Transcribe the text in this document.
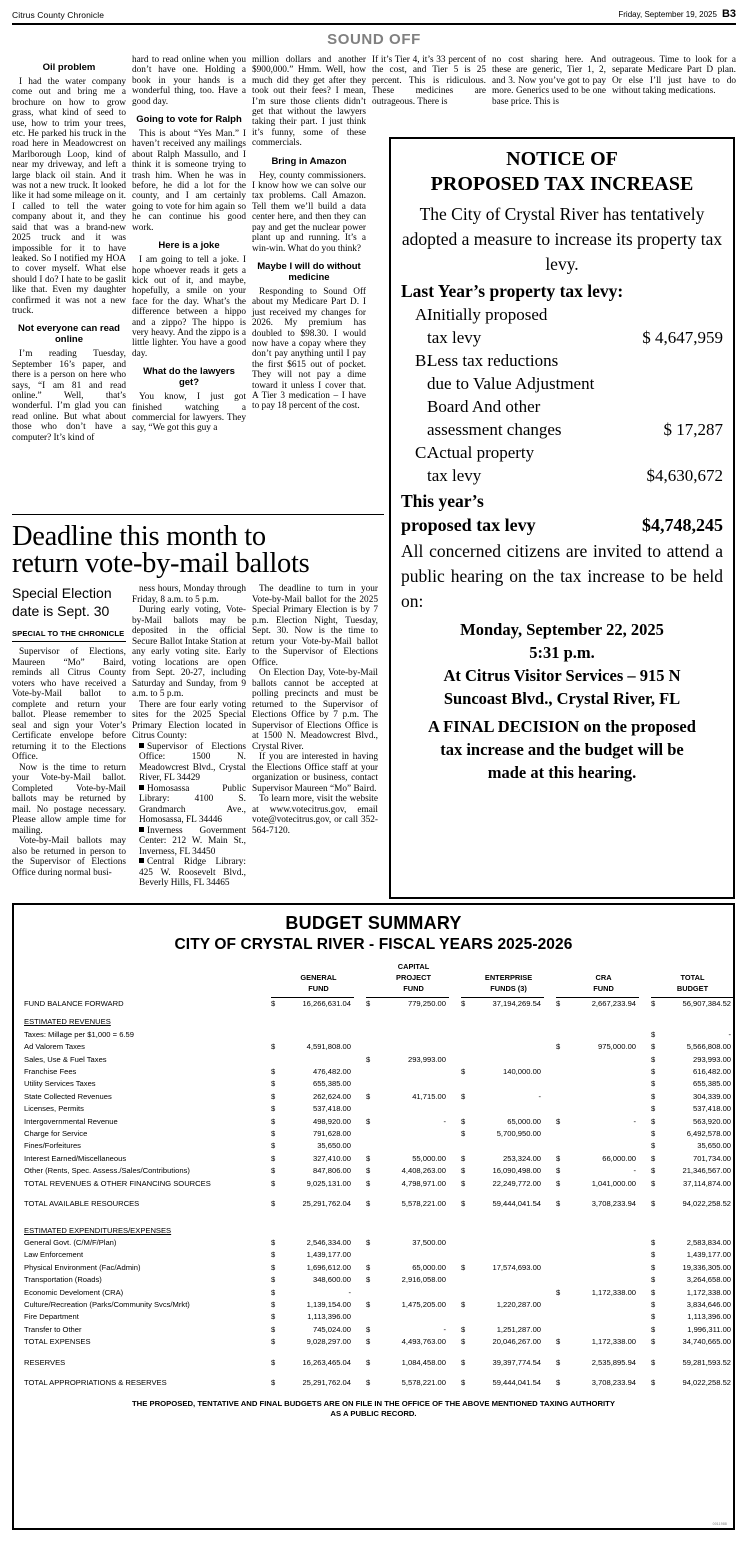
Citrus County Chronicle	Friday, September 19, 2025 B3
SOUND OFF
Oil problem
I had the water company come out and bring me a brochure on how to grow grass, what kind of seed to use, how to trim your trees, etc. He parked his truck in the road here in Meadowcrest on Marlborough Loop, kind of near my driveway, and left a large black oil stain. And it was not a new truck. It looked like it had some mileage on it. I called to tell the water company about it, and they said that was a brand-new 2025 truck and it was impossible for it to have leaked. So I notified my HOA to cover myself. What else should I do? I hate to be gaslit like that. Even my daughter confirmed it was not a new truck.
Not everyone can read online
I’m reading Tuesday, September 16’s paper, and there is a person on here who says, “I am 81 and read online.” Well, that’s wonderful. I’m glad you can read online. But what about those who don’t have a computer? It’s kind of
hard to read online when you don’t have one. Holding a book in your hands is a wonderful thing, too. Have a good day.
Going to vote for Ralph
This is about “Yes Man.” I haven’t received any mailings about Ralph Massullo, and I think it is someone trying to trash him. When he was in before, he did a lot for the county, and I am certainly going to vote for him again so he can continue his good work.
Here is a joke
I am going to tell a joke. I hope whoever reads it gets a kick out of it, and maybe, hopefully, a smile on your face for the day. What’s the difference between a hippo and a zippo? The hippo is very heavy. And the zippo is a little lighter. You have a good day.
What do the lawyers get?
You know, I just got finished watching a commercial for lawyers. They say, “We got this guy a
million dollars and another $900,000.” Hmm. Well, how much did they get after they took out their fees? I mean, I’m sure those clients didn’t get that without the lawyers taking their part. I just think it’s funny, some of these commercials.
Bring in Amazon
Hey, county commissioners. I know how we can solve our tax problems. Call Amazon. Tell them we’ll build a data center here, and then they can pay and get the nuclear power plant up and running. It’s a win-win. What do you think?
Maybe I will do without medicine
Responding to Sound Off about my Medicare Part D. I just received my changes for 2026. My premium has doubled to $98.30. I would now have a copay where they don’t pay anything until I pay the first $615 out of pocket. They will not pay a dime toward it unless I cover that. A Tier 3 medication – I have to pay 18 percent of the cost.
If it’s Tier 4, it’s 33 percent of the cost, and Tier 5 is 25 percent. This is ridiculous. These medicines are outrageous. There is
no cost sharing here. And these are generic, Tier 1, 2, and 3. Now you’ve got to pay more. Generics used to be one base price. This is
outrageous. Time to look for a separate Medicare Part D plan. Or else I’ll just have to do without taking medications.
NOTICE OF
PROPOSED TAX INCREASE
The City of Crystal River has tentatively adopted a measure to increase its property tax levy.
Last Year’s property tax levy:
A.
Initially proposed
tax levy	$ 4,647,959
B.
Less tax reductions
due to Value Adjustment
Board And other
assessment changes	$ 17,287
C.
Actual property
tax levy	$4,630,672
This year’s
proposed tax levy	$4,748,245
All concerned citizens are invited to attend a public hearing on the tax increase to be held on:
Monday, September 22, 2025
5:31 p.m.
At Citrus Visitor Services – 915 N
Suncoast Blvd., Crystal River, FL
A FINAL DECISION on the proposed
tax increase and the budget will be
made at this hearing.
Deadline this month to
return vote-by-mail ballots
Special Election
date is Sept. 30
SPECIAL TO THE CHRONICLE
Supervisor of Elections, Maureen “Mo” Baird, reminds all Citrus County voters who have received a Vote-by-Mail ballot to complete and return your ballot. Please remember to seal and sign your Voter’s Certificate envelope before returning it to the Elections Office.
Now is the time to return your Vote-by-Mail ballot. Completed Vote-by-Mail ballots may be returned by mail. No postage necessary. Please allow ample time for mailing.
Vote-by-Mail ballots may also be returned in person to the Supervisor of Elections Office during normal busi-
ness hours, Monday through Friday, 8 a.m. to 5 p.m.
During early voting, Vote-by-Mail ballots may be deposited in the official Secure Ballot Intake Station at any early voting site. Early voting locations are open from Sept. 20-27, including Saturday and Sunday, from 9 a.m. to 5 p.m.
There are four early voting sites for the 2025 Special Primary Election located in Citrus County:
Supervisor of Elections Office: 1500 N. Meadowcrest Blvd., Crystal River, FL 34429
Homosassa Public Library: 4100 S. Grandmarch Ave., Homosassa, FL 34446
Inverness Government Center: 212 W. Main St., Inverness, FL 34450
Central Ridge Library: 425 W. Roosevelt Blvd., Beverly Hills, FL 34465
The deadline to turn in your Vote-by-Mail ballot for the 2025 Special Primary Election is by 7 p.m. Election Night, Tuesday, Sept. 30. Now is the time to return your Vote-by-Mail ballot to the Supervisor of Elections Office.
On Election Day, Vote-by-Mail ballots cannot be accepted at polling precincts and must be returned to the Supervisor of Elections Office by 7 p.m. The Supervisor of Elections Office is at 1500 N. Meadowcrest Blvd., Crystal River.
If you are interested in having the Elections Office staff at your organization or business, contact Supervisor Maureen “Mo” Baird.
To learn more, visit the website at www.votecitrus.gov, email vote@votecitrus.gov, or call 352-564-7120.
BUDGET SUMMARY
CITY OF CRYSTAL RIVER - FISCAL YEARS 2025-2026
				CAPITAL										
	GENERAL			PROJECT			ENTERPRISE			CRA			TOTAL	
	FUND			FUND			FUNDS (3)			FUND			BUDGET	

FUND BALANCE FORWARD	$	16,266,631.04		$	779,250.00		$	37,194,269.54		$	2,667,233.94		$	56,907,384.52
ESTIMATED REVENUES														
Taxes: Millage per $1,000 = 6.59													$	-
Ad Valorem Taxes	$	4,591,808.00								$	975,000.00		$	5,566,808.00
Sales, Use & Fuel Taxes				$	293,993.00								$	293,993.00
Franchise Fees	$	476,482.00					$	140,000.00					$	616,482.00
Utility Services Taxes	$	655,385.00											$	655,385.00
State Collected Revenues	$	262,624.00		$	41,715.00		$	-					$	304,339.00
Licenses, Permits	$	537,418.00											$	537,418.00
Intergovernmental Revenue	$	498,920.00		$	-		$	65,000.00		$	-		$	563,920.00
Charge for Service	$	791,628.00					$	5,700,950.00					$	6,492,578.00
Fines/Forfeitures	$	35,650.00											$	35,650.00
Interest Earned/Miscellaneous	$	327,410.00		$	55,000.00		$	253,324.00		$	66,000.00		$	701,734.00
Other (Rents, Spec. Assess./Sales/Contributions)	$	847,806.00		$	4,408,263.00		$	16,090,498.00		$	-		$	21,346,567.00
TOTAL REVENUES & OTHER FINANCING SOURCES	$	9,025,131.00		$	4,798,971.00		$	22,249,772.00		$	1,041,000.00		$	37,114,874.00

TOTAL AVAILABLE RESOURCES	$	25,291,762.04		$	5,578,221.00		$	59,444,041.54		$	3,708,233.94		$	94,022,258.52

ESTIMATED EXPENDITURES/EXPENSES														
General Govt. (C/M/F/Plan)	$	2,546,334.00		$	37,500.00								$	2,583,834.00
Law Enforcement	$	1,439,177.00											$	1,439,177.00
Physical Environment (Fac/Admin)	$	1,696,612.00		$	65,000.00		$	17,574,693.00					$	19,336,305.00
Transportation (Roads)	$	348,600.00		$	2,916,058.00								$	3,264,658.00
Economic Develoment (CRA)	$	-								$	1,172,338.00		$	1,172,338.00
Culture/Recreation (Parks/Community Svcs/Mrkt)	$	1,139,154.00		$	1,475,205.00		$	1,220,287.00					$	3,834,646.00
Fire Department	$	1,113,396.00											$	1,113,396.00
Transfer to Other	$	745,024.00		$	-		$	1,251,287.00					$	1,996,311.00
TOTAL EXPENSES	$	9,028,297.00		$	4,493,763.00		$	20,046,267.00		$	1,172,338.00		$	34,740,665.00

RESERVES	$	16,263,465.04		$	1,084,458.00		$	39,397,774.54		$	2,535,895.94		$	59,281,593.52

TOTAL APPROPRIATIONS & RESERVES	$	25,291,762.04		$	5,578,221.00		$	59,444,041.54		$	3,708,233.94		$	94,022,258.52
THE PROPOSED, TENTATIVE AND FINAL BUDGETS ARE ON FILE IN THE OFFICE OF THE ABOVE MENTIONED TAXING AUTHORITY
AS A PUBLIC RECORD.
0011988
